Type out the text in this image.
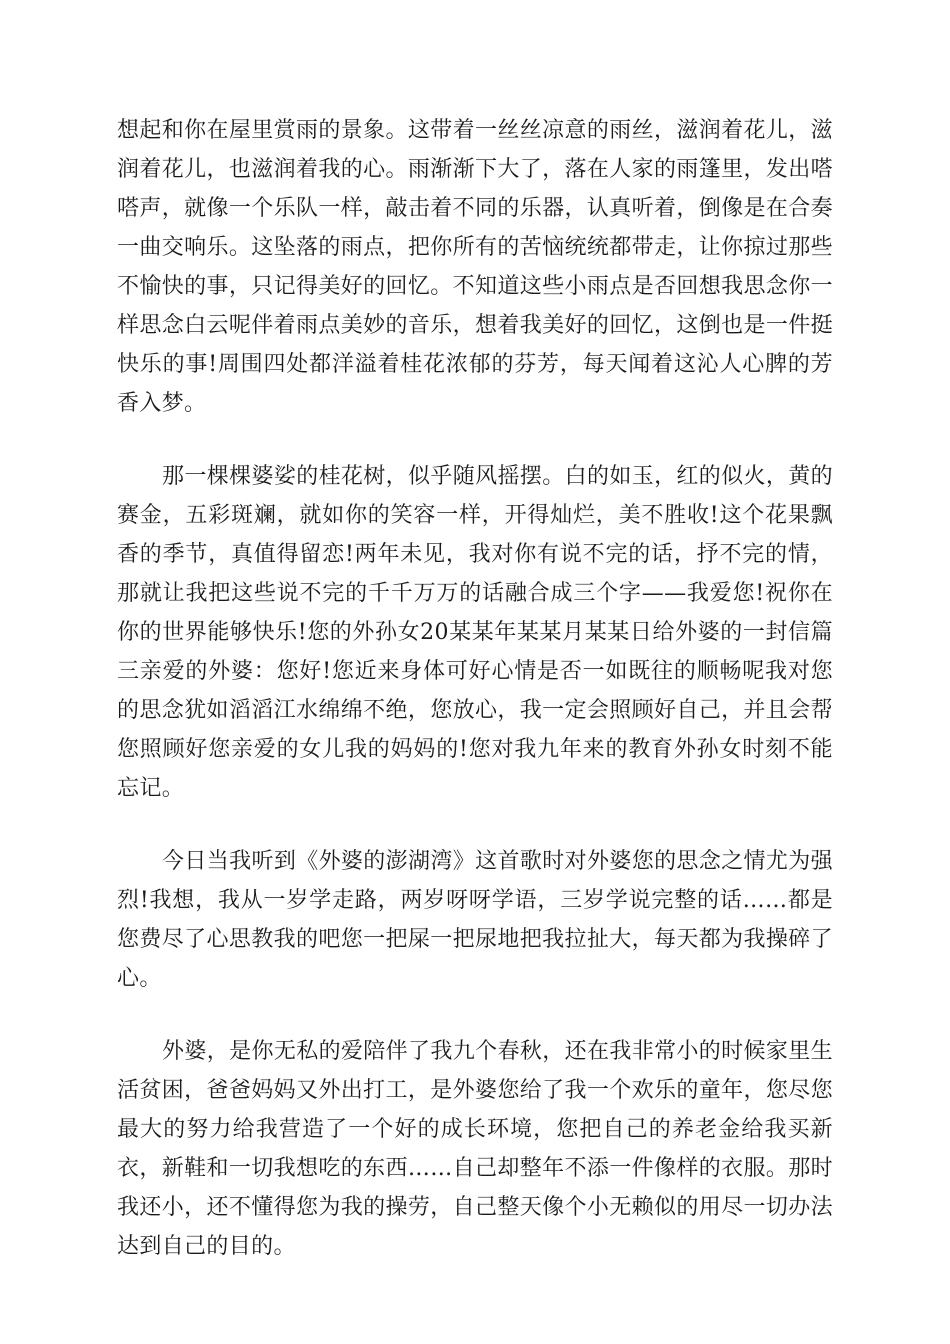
想起和你在屋里赏雨的景象。这带着一丝丝凉意的雨丝，滋润着花儿，滋润着花儿，也滋润着我的心。雨渐渐下大了，落在人家的雨篷里，发出嗒嗒声，就像一个乐队一样，敲击着不同的乐器，认真听着，倒像是在合奏一曲交响乐。这坠落的雨点，把你所有的苦恼统统都带走，让你掠过那些不愉快的事，只记得美好的回忆。不知道这些小雨点是否回想我思念你一样思念白云呢伴着雨点美妙的音乐，想着我美好的回忆，这倒也是一件挺快乐的事!周围四处都洋溢着桂花浓郁的芬芳，每天闻着这沁人心脾的芳香入梦。

那一棵棵婆娑的桂花树，似乎随风摇摆。白的如玉，红的似火，黄的赛金，五彩斑斓，就如你的笑容一样，开得灿烂，美不胜收!这个花果飘香的季节，真值得留恋!两年未见，我对你有说不完的话，抒不完的情，那就让我把这些说不完的千千万万的话融合成三个字——我爱您!祝你在你的世界能够快乐!您的外孙女20某某年某某月某某日给外婆的一封信篇三亲爱的外婆：您好!您近来身体可好心情是否一如既往的顺畅呢我对您的思念犹如滔滔江水绵绵不绝，您放心，我一定会照顾好自己，并且会帮您照顾好您亲爱的女儿我的妈妈的!您对我九年来的教育外孙女时刻不能忘记。

今日当我听到《外婆的澎湖湾》这首歌时对外婆您的思念之情尤为强烈!我想，我从一岁学走路，两岁呀呀学语，三岁学说完整的话……都是您费尽了心思教我的吧您一把屎一把尿地把我拉扯大，每天都为我操碎了心。

外婆，是你无私的爱陪伴了我九个春秋，还在我非常小的时候家里生活贫困，爸爸妈妈又外出打工，是外婆您给了我一个欢乐的童年，您尽您最大的努力给我营造了一个好的成长环境，您把自己的养老金给我买新衣，新鞋和一切我想吃的东西……自己却整年不添一件像样的衣服。那时我还小，还不懂得您为我的操劳，自己整天像个小无赖似的用尽一切办法达到自己的目的。
